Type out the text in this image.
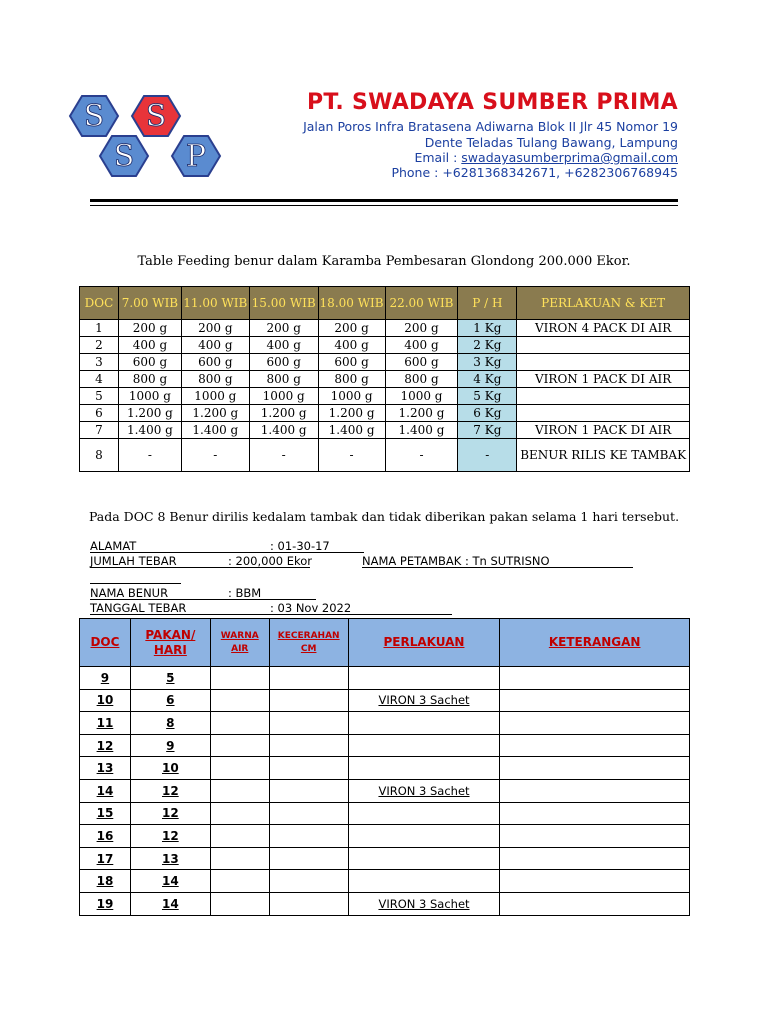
S
S P
S	PT. SWADAYA SUMBER PRIMA
Jalan Poros Infra Bratasena Adiwarna Blok II Jlr 45 Nomor 19
Dente Teladas Tulang Bawang, Lampung
Email : swadayasumberprima@gmail.com
Phone : +6281368342671, +6282306768945
Table Feeding benur dalam Karamba Pembesaran Glondong 200.000 Ekor.
DOC	7.00 WIB	11.00 WIB	15.00 WIB	18.00 WIB	22.00 WIB	P / H	PERLAKUAN & KET
1	200 g	200 g	200 g	200 g	200 g	1 Kg	VIRON 4 PACK DI AIR
2	400 g	400 g	400 g	400 g	400 g	2 Kg	
3	600 g	600 g	600 g	600 g	600 g	3 Kg	
4	800 g	800 g	800 g	800 g	800 g	4 Kg	VIRON 1 PACK DI AIR
5	1000 g	1000 g	1000 g	1000 g	1000 g	5 Kg	
6	1.200 g	1.200 g	1.200 g	1.200 g	1.200 g	6 Kg	
7	1.400 g	1.400 g	1.400 g	1.400 g	1.400 g	7 Kg	VIRON 1 PACK DI AIR
8	-	-	-	-	-	-	BENUR RILIS KE TAMBAK
Pada DOC 8 Benur dirilis kedalam tambak dan tidak diberikan pakan selama 1 hari tersebut.
ALAMAT	: 01-30-17
JUMLAH TEBAR	: 200,000 Ekor	NAMA PETAMBAK : Tn SUTRISNO
NAMA BENUR	: BBM
TANGGAL TEBAR	: 03 Nov 2022
DOC	PAKAN/ HARI	WARNA AIR	KECERAHAN CM	PERLAKUAN	KETERANGAN
9	5				
10	6			VIRON 3 Sachet	
11	8				
12	9				
13	10				
14	12			VIRON 3 Sachet	
15	12				
16	12				
17	13				
18	14				
19	14			VIRON 3 Sachet	
